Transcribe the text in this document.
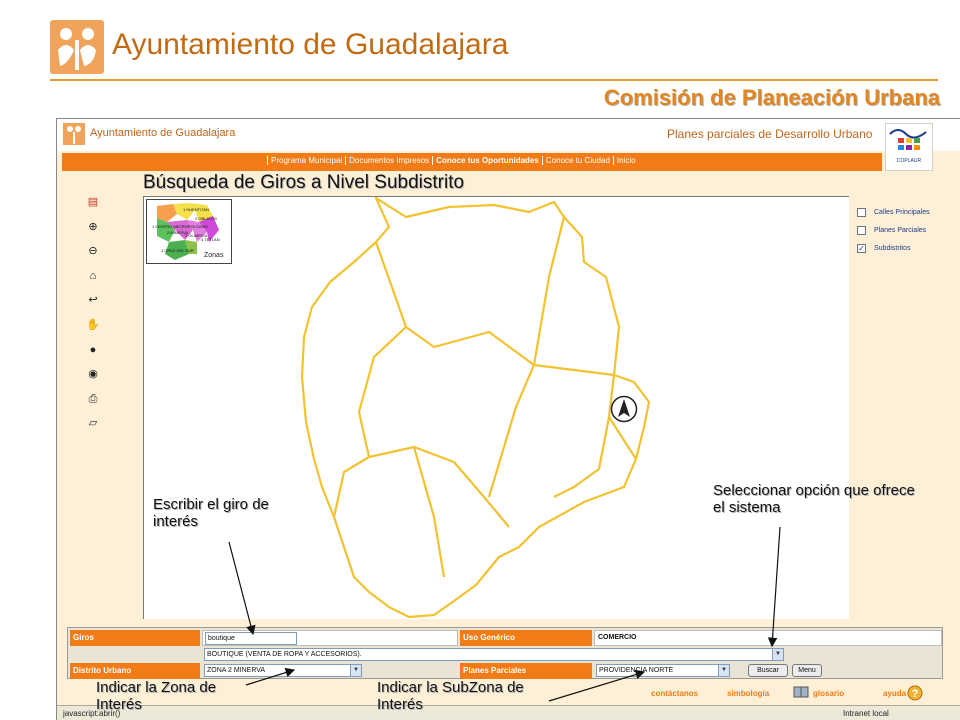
Ayuntamiento de Guadalajara
Comisión de Planeación Urbana
Ayuntamiento de Guadalajara	Planes parciales de Desarrollo Urbano
COPLAUR
Programa Municipal Documentos Impresos Conoce tus Oportunidades Conoce tu Ciudad Inicio
Búsqueda de Giros a Nivel Subdistrito
▤
⊕
⊖
⌂
↩
✋
●
◉
⎙
▱
1 HUENTITAN
2 OBLATOS
1 CENTRO METROPOLITANO
2 MINERVA
3 OLIMPICA
4 TETLAN
1 CRUZ DEL SUR
Zonas
Calles Principales
Planes Parciales
✓ Subdistritos
Giros	boutique	Uso Genérico	COMERCIO
BOUTIQUE (VENTA DE ROPA Y ACCESORIOS).	▼
Distrito Urbano	ZONA 2 MINERVA	▼	Planes Parciales	PROVIDENCIA NORTE	▼	Buscar	Menu
contáctanos	simbología	glosario	ayuda ?
javascript:abrir()	Intranet local
Escribir el giro de interés
Seleccionar opción que ofrece el sistema
Indicar la Zona de Interés
Indicar la SubZona de Interés
